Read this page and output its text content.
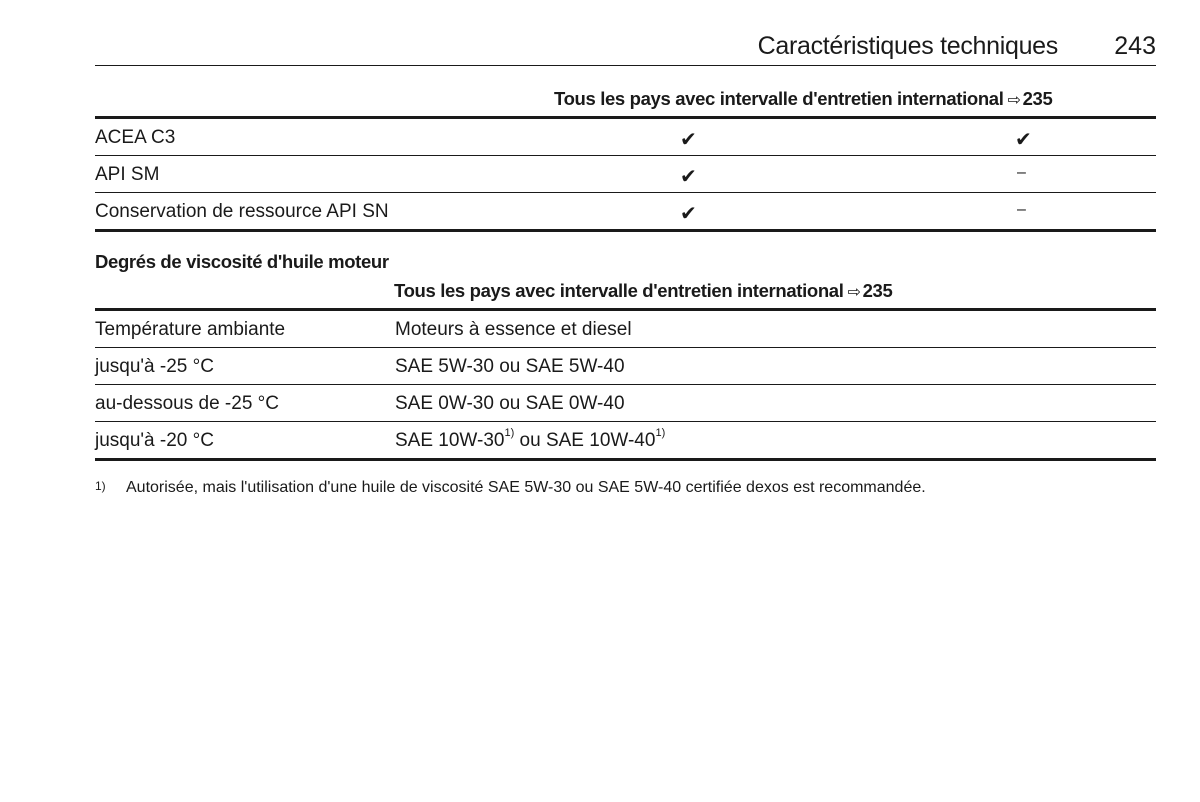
Caractéristiques techniques 243
Tous les pays avec intervalle d'entretien international ⇨ 235
ACEA C3	✔	✔
API SM	✔	–
Conservation de ressource API SN	✔	–
Degrés de viscosité d'huile moteur
Tous les pays avec intervalle d'entretien international ⇨ 235
Température ambiante	Moteurs à essence et diesel
jusqu'à -25 °C	SAE 5W-30 ou SAE 5W-40
au-dessous de -25 °C	SAE 0W-30 ou SAE 0W-40
jusqu'à -20 °C	SAE 10W-30$^{1)}$ ou SAE 10W-40$^{1)}$
1) Autorisée, mais l'utilisation d'une huile de viscosité SAE 5W-30 ou SAE 5W-40 certifiée dexos est recommandée.
